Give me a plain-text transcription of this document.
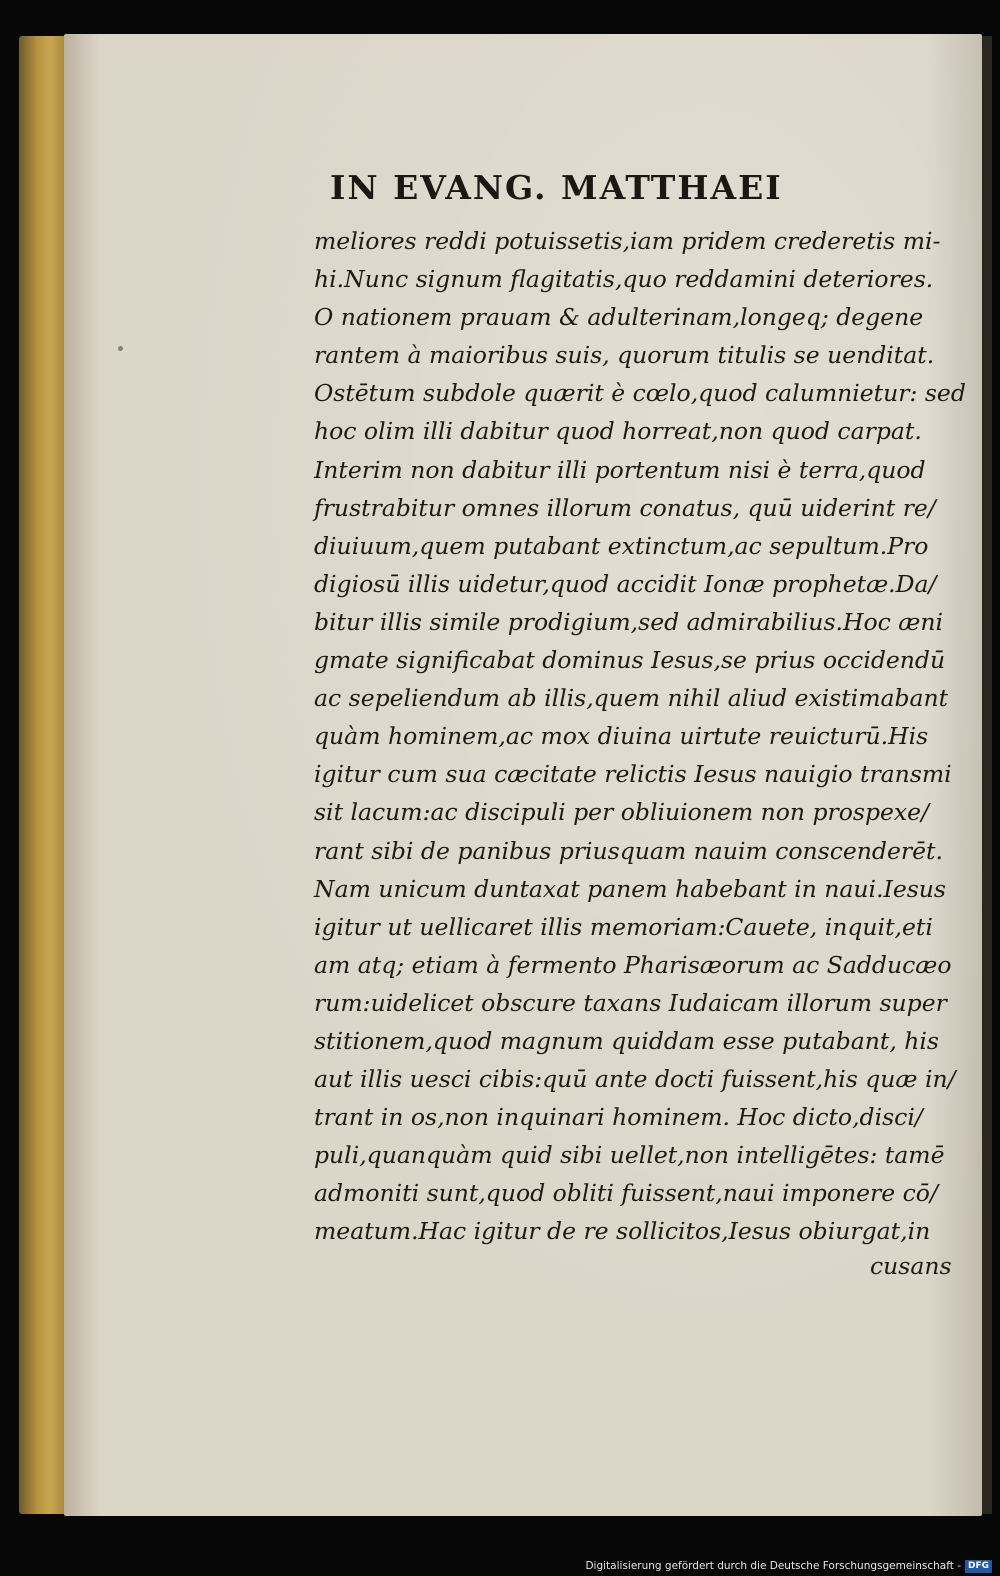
IN EVANG. MATTHAEI
meliores reddi potuissetis,iam pridem crederetis mi-
hi.Nunc signum flagitatis,quo reddamini deteriores.
O nationem prauam & adulterinam,longeq; degene
rantem à maioribus suis, quorum titulis se uenditat.
Ostētum subdole quærit è cœlo,quod calumnietur: sed
hoc olim illi dabitur quod horreat,non quod carpat.
Interim non dabitur illi portentum nisi è terra,quod
frustrabitur omnes illorum conatus, quū uiderint re/
diuiuum,quem putabant extinctum,ac sepultum.Pro
digiosū illis uidetur,quod accidit Ionæ prophetæ.Da/
bitur illis simile prodigium,sed admirabilius.Hoc æni
gmate significabat dominus Iesus,se prius occidendū
ac sepeliendum ab illis,quem nihil aliud existimabant
quàm hominem,ac mox diuina uirtute reuicturū.His
igitur cum sua cæcitate relictis Iesus nauigio transmi
sit lacum:ac discipuli per obliuionem non prospexe/
rant sibi de panibus priusquam nauim conscenderēt.
Nam unicum duntaxat panem habebant in naui.Iesus
igitur ut uellicaret illis memoriam:Cauete, inquit,eti
am atq; etiam à fermento Pharisæorum ac Sadducæo
rum:uidelicet obscure taxans Iudaicam illorum super
stitionem,quod magnum quiddam esse putabant, his
aut illis uesci cibis:quū ante docti fuissent,his quæ in/
trant in os,non inquinari hominem. Hoc dicto,disci/
puli,quanquàm quid sibi uellet,non intelligētes: tamē
admoniti sunt,quod obliti fuissent,naui imponere cō/
meatum.Hac igitur de re sollicitos,Iesus obiurgat,in
cusans
Digitalisierung gefördert durch die Deutsche Forschungsgemeinschaft - DFG
